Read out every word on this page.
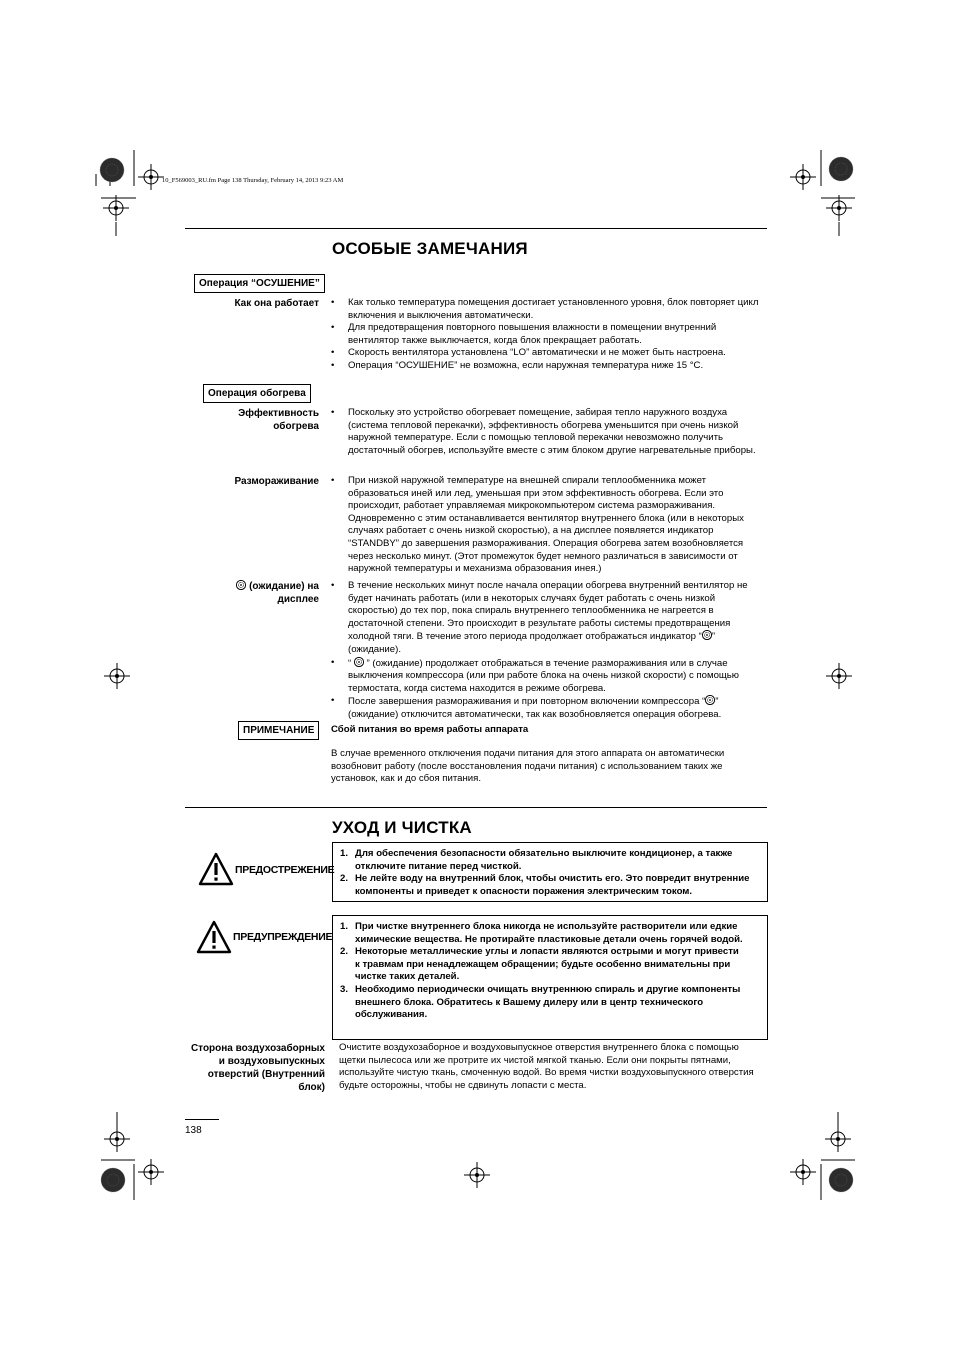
10_F569003_RU.fm Page 138 Thursday, February 14, 2013 9:23 AM
ОСОБЫЕ ЗАМЕЧАНИЯ
Операция “ОСУШЕНИЕ”
Как она работает • Как только температура помещения достигает установленного уровня, блок повторяет цикл включения и выключения автоматически.
• Для предотвращения повторного повышения влажности в помещении внутренний вентилятор также выключается, когда блок прекращает работать.
• Скорость вентилятора установлена “LO” автоматически и не может быть настроена.
• Операция “ОСУШЕНИЕ” не возможна, если наружная температура ниже 15 °C.
Операция обогрева
Эффективность
обогрева
• Поскольку это устройство обогревает помещение, забирая тепло наружного воздуха (система тепловой перекачки), эффективность обогрева уменьшится при очень низкой наружной температуре. Если с помощью тепловой перекачки невозможно получить достаточный обогрев, используйте вместе с этим блоком другие нагревательные приборы.
Размораживание • При низкой наружной температуре на внешней спирали теплообменника может образоваться иней или лед, уменьшая при этом эффективность обогрева. Если это происходит, работает управляемая микрокомпьютером система размораживания. Одновременно с этим останавливается вентилятор внутреннего блока (или в некоторых случаях работает с очень низкой скоростью), а на дисплее появляется индикатор “STANDBY” до завершения размораживания. Операция обогрева затем возобновляется через несколько минут. (Этот промежуток будет немного различаться в зависимости от наружной температуры и механизма образования инея.)
(ожидание) на
дисплее
• В течение нескольких минут после начала операции обогрева внутренний вентилятор не будет начинать работать (или в некоторых случаях будет работать с очень низкой скоростью) до тех пор, пока спираль внутреннего теплообменника не нагреется в достаточной степени. Это происходит в результате работы системы предотвращения холодной тяги. В течение этого периода продолжает отображаться индикатор “ ” (ожидание).
• “ ” (ожидание) продолжает отображаться в течение размораживания или в случае выключения компрессора (или при работе блока на очень низкой скорости) с помощью термостата, когда система находится в режиме обогрева.
• После завершения размораживания и при повторном включении компрессора “ ” (ожидание) отключится автоматически, так как возобновляется операция обогрева.
ПРИМЕЧАНИЕ	Сбой питания во время работы аппарата
В случае временного отключения подачи питания для этого аппарата он автоматически возобновит работу (после восстановления подачи питания) с использованием таких же установок, как и до сбоя питания.
УХОД И ЧИСТКА
ПРЕДОСТРЕЖЕНИЕ
1. Для обеспечения безопасности обязательно выключите кондиционер, а также отключите питание перед чисткой.
2. Не лейте воду на внутренний блок, чтобы очистить его. Это повредит внутренние компоненты и приведет к опасности поражения электрическим током.
ПРЕДУПРЕЖДЕНИЕ
1. При чистке внутреннего блока никогда не используйте растворители или едкие химические вещества. Не протирайте пластиковые детали очень горячей водой.
2. Некоторые металлические углы и лопасти являются острыми и могут привести к травмам при ненадлежащем обращении; будьте особенно внимательны при чистке таких деталей.
3. Необходимо периодически очищать внутреннюю спираль и другие компоненты внешнего блока. Обратитесь к Вашему дилеру или в центр технического обслуживания.
Сторона воздухозаборных
и воздуховыпускных
отверстий (Внутренний
блок)
Очистите воздухозаборное и воздуховыпускное отверстия внутреннего блока с помощью щетки пылесоса или же протрите их чистой мягкой тканью. Если они покрыты пятнами, используйте чистую ткань, смоченную водой. Во время чистки воздуховыпускного отверстия будьте осторожны, чтобы не сдвинуть лопасти с места.
138
